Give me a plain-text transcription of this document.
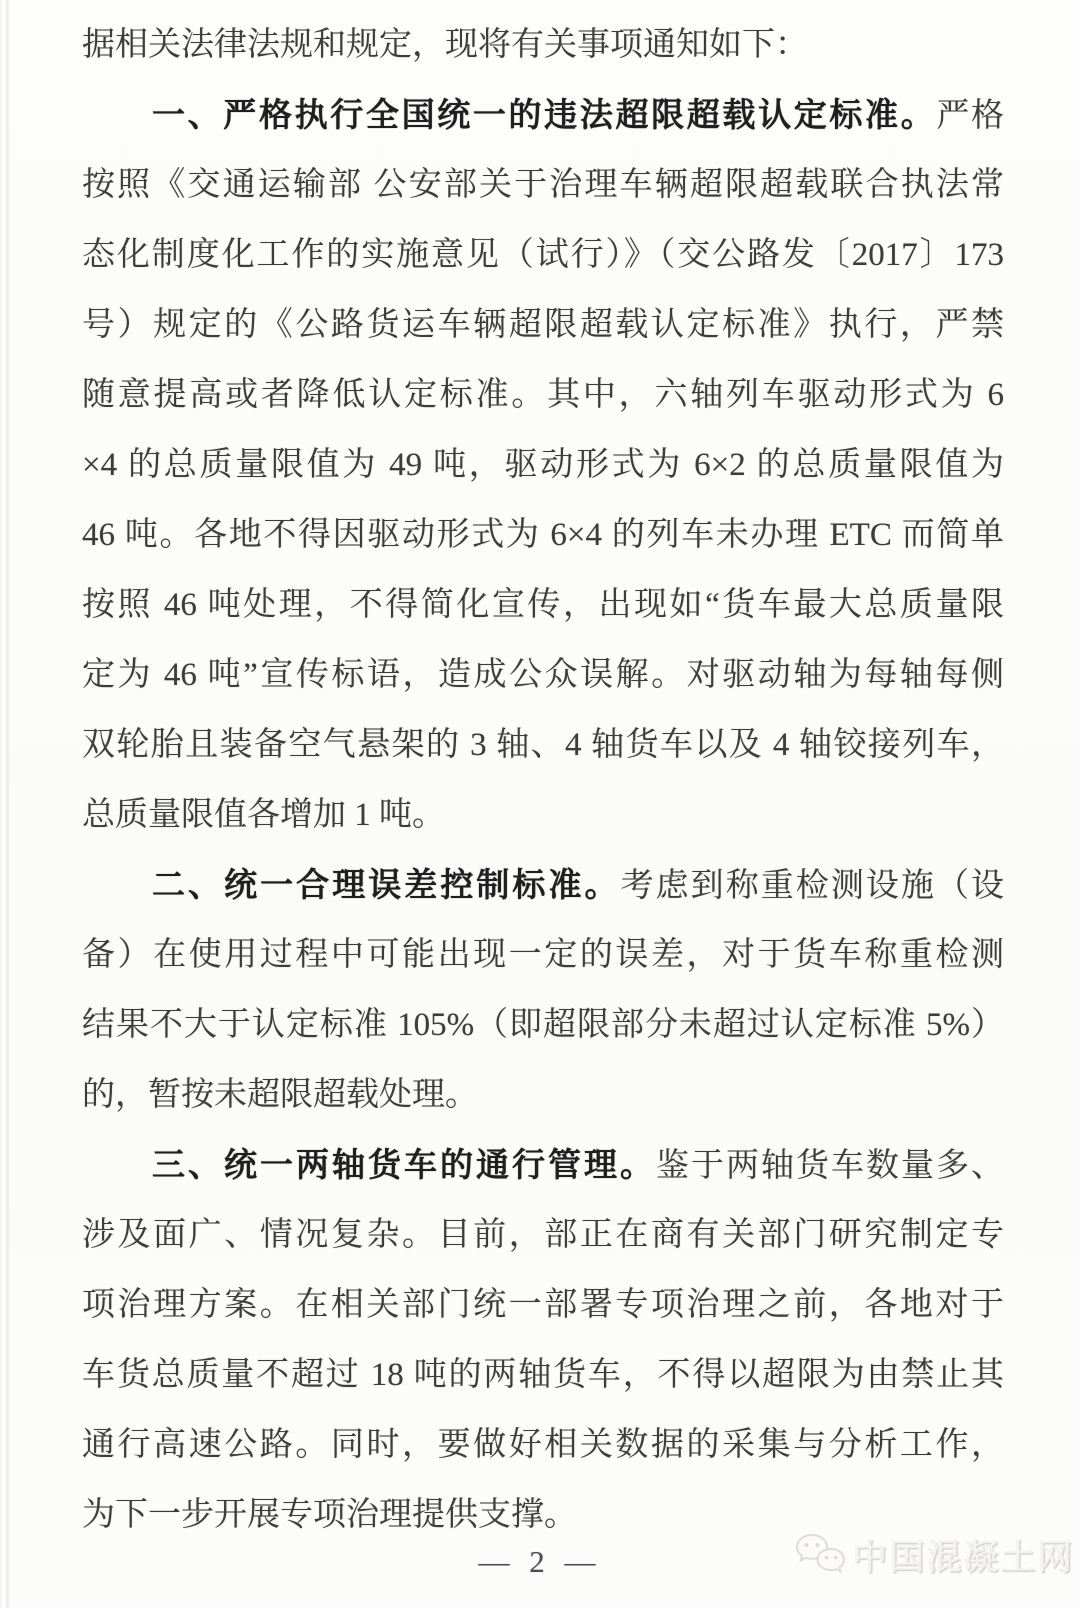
据相关法律法规和规定，现将有关事项通知如下：
一、严格执行全国统一的违法超限超载认定标准。严格
按照《交通运输部 公安部关于治理车辆超限超载联合执法常
态化制度化工作的实施意见（试行）》（交公路发〔2017〕173
号）规定的《公路货运车辆超限超载认定标准》执行，严禁
随意提高或者降低认定标准。其中，六轴列车驱动形式为 6
×4 的总质量限值为 49 吨，驱动形式为 6×2 的总质量限值为
46 吨。各地不得因驱动形式为 6×4 的列车未办理 ETC 而简单
按照 46 吨处理，不得简化宣传，出现如“货车最大总质量限
定为 46 吨”宣传标语，造成公众误解。对驱动轴为每轴每侧
双轮胎且装备空气悬架的 3 轴、4 轴货车以及 4 轴铰接列车，
总质量限值各增加 1 吨。
二、统一合理误差控制标准。考虑到称重检测设施（设
备）在使用过程中可能出现一定的误差，对于货车称重检测
结果不大于认定标准 105%（即超限部分未超过认定标准 5%）
的，暂按未超限超载处理。
三、统一两轴货车的通行管理。鉴于两轴货车数量多、
涉及面广、情况复杂。目前，部正在商有关部门研究制定专
项治理方案。在相关部门统一部署专项治理之前，各地对于
车货总质量不超过 18 吨的两轴货车，不得以超限为由禁止其
通行高速公路。同时，要做好相关数据的采集与分析工作，
为下一步开展专项治理提供支撑。
— 2 —	中国混凝土网
